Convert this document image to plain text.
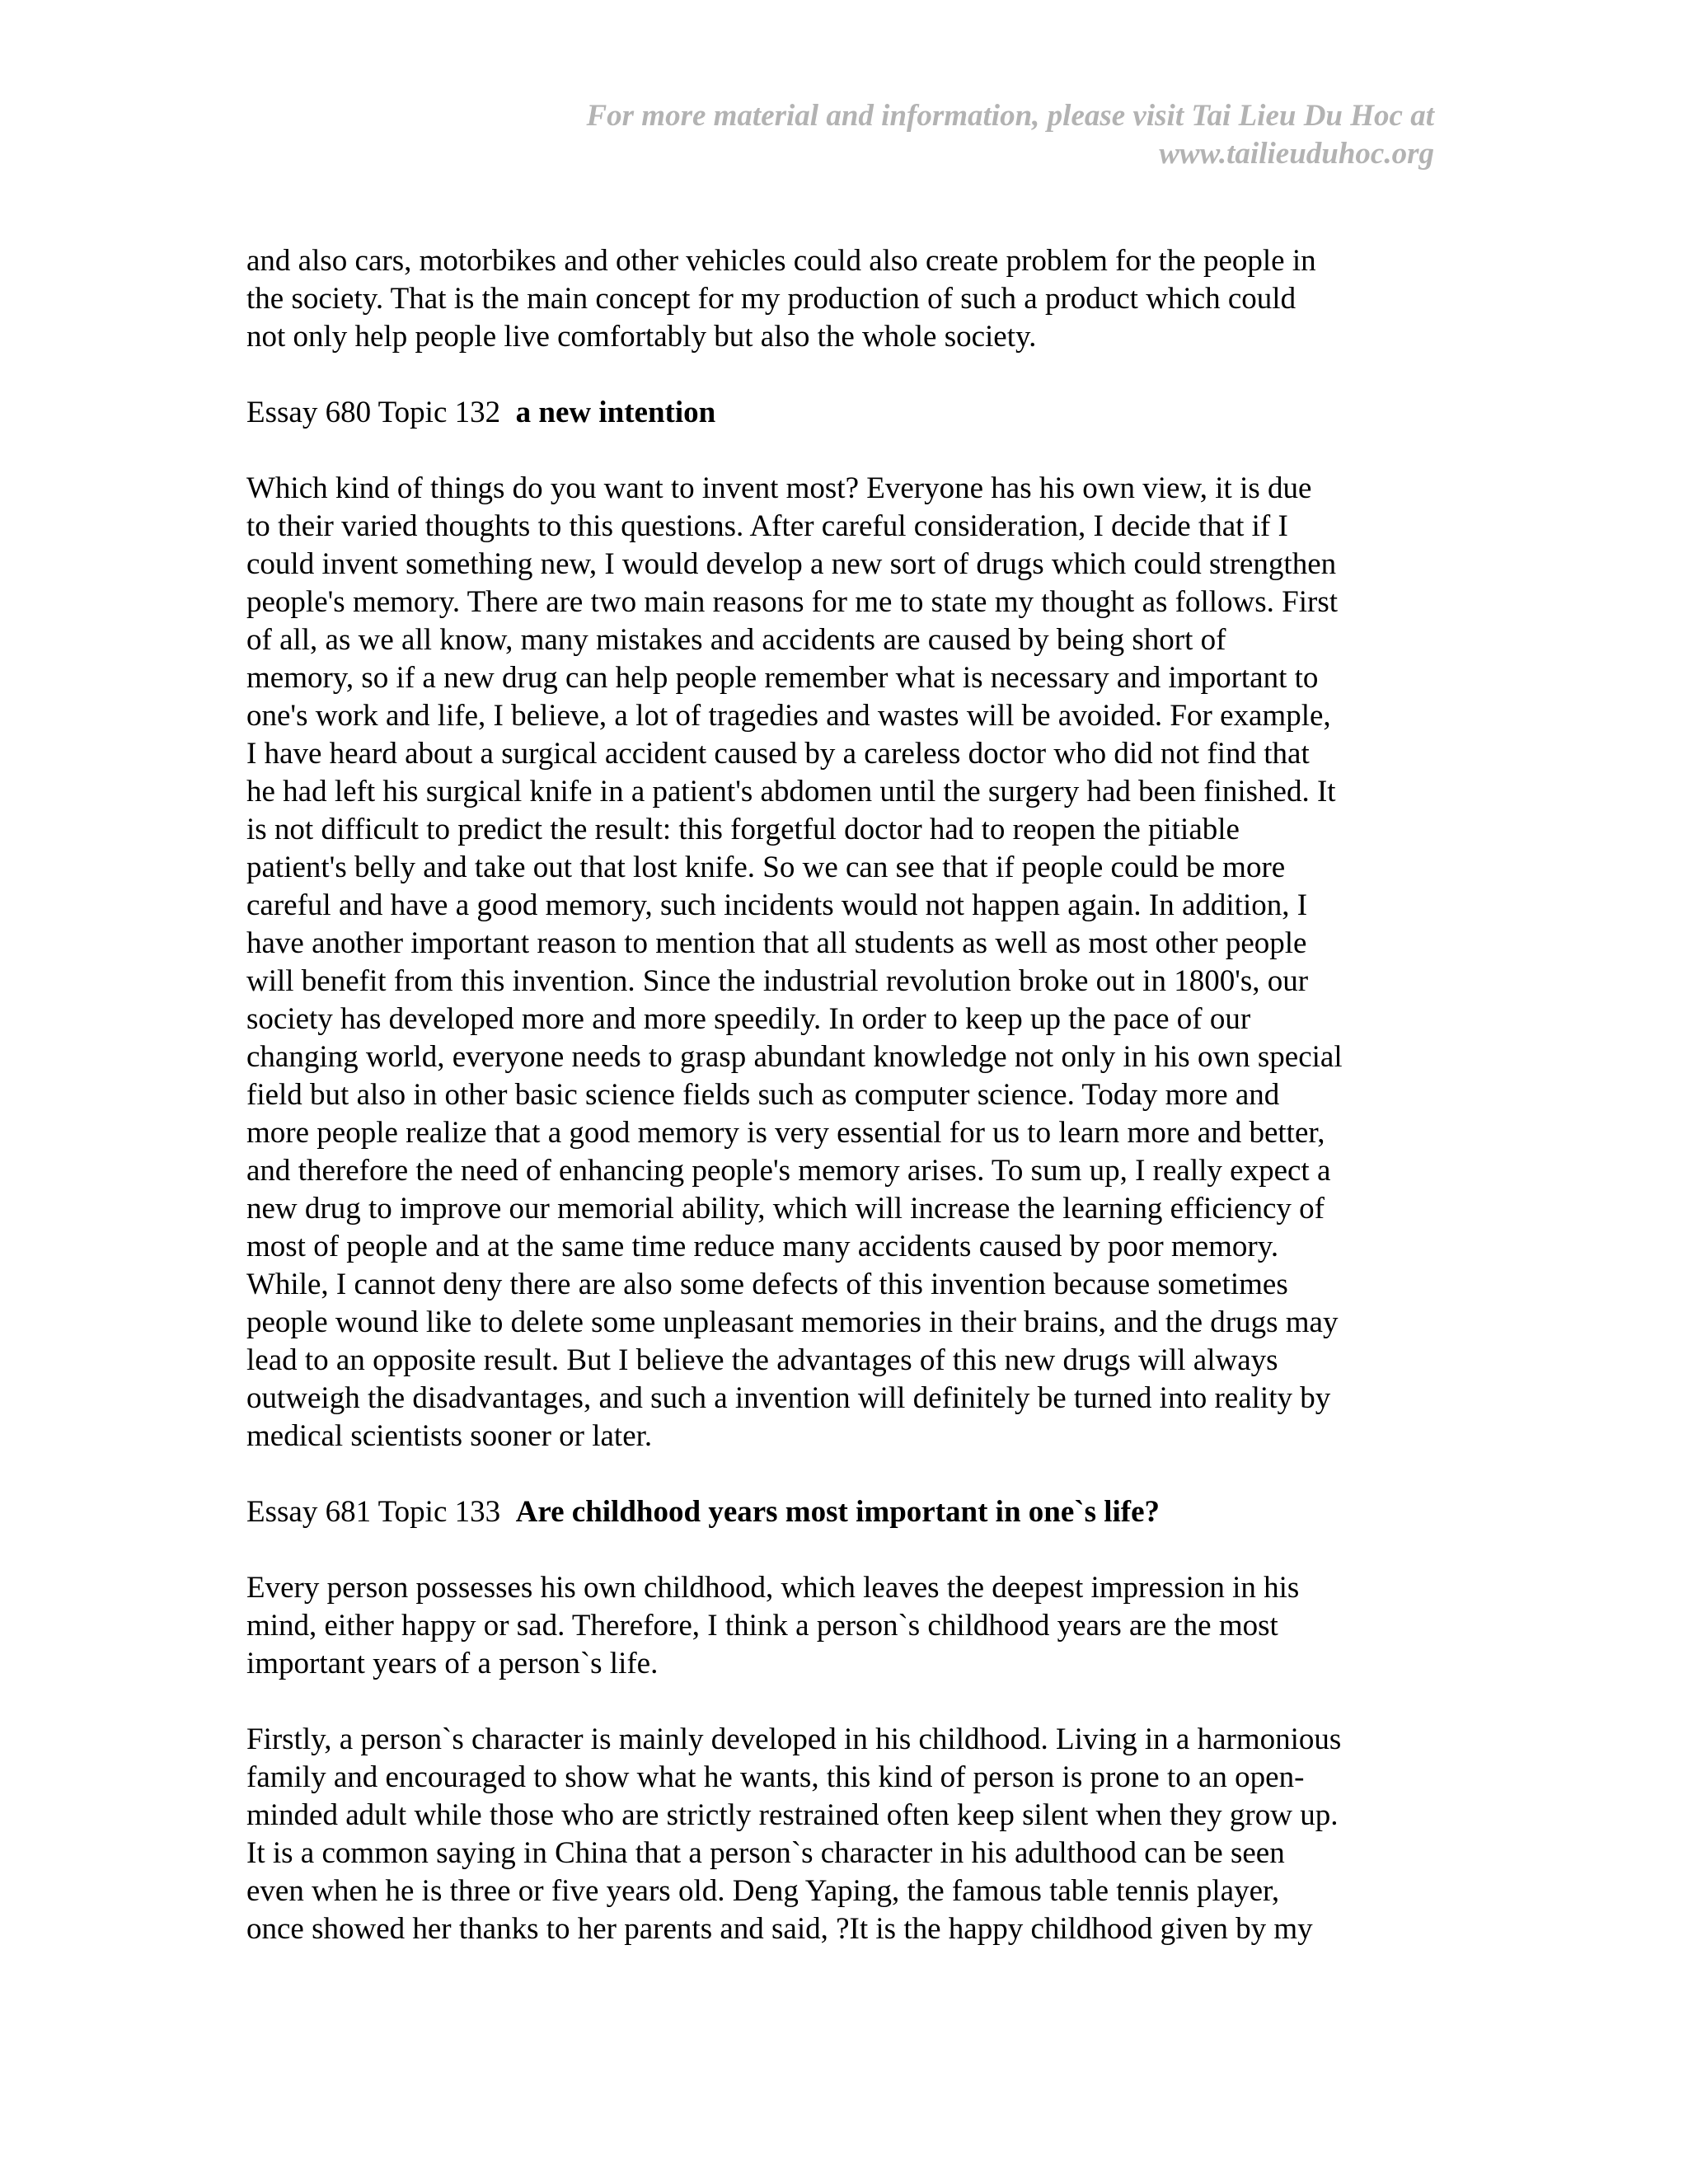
For more material and information, please visit Tai Lieu Du Hoc at
www.tailieuduhoc.org
and also cars, motorbikes and other vehicles could also create problem for the people in
the society. That is the main concept for my production of such a product which could
not only help people live comfortably but also the whole society.
Essay 680 Topic 132 a new intention
Which kind of things do you want to invent most? Everyone has his own view, it is due
to their varied thoughts to this questions. After careful consideration, I decide that if I
could invent something new, I would develop a new sort of drugs which could strengthen
people's memory. There are two main reasons for me to state my thought as follows. First
of all, as we all know, many mistakes and accidents are caused by being short of
memory, so if a new drug can help people remember what is necessary and important to
one's work and life, I believe, a lot of tragedies and wastes will be avoided. For example,
I have heard about a surgical accident caused by a careless doctor who did not find that
he had left his surgical knife in a patient's abdomen until the surgery had been finished. It
is not difficult to predict the result: this forgetful doctor had to reopen the pitiable
patient's belly and take out that lost knife. So we can see that if people could be more
careful and have a good memory, such incidents would not happen again. In addition, I
have another important reason to mention that all students as well as most other people
will benefit from this invention. Since the industrial revolution broke out in 1800's, our
society has developed more and more speedily. In order to keep up the pace of our
changing world, everyone needs to grasp abundant knowledge not only in his own special
field but also in other basic science fields such as computer science. Today more and
more people realize that a good memory is very essential for us to learn more and better,
and therefore the need of enhancing people's memory arises. To sum up, I really expect a
new drug to improve our memorial ability, which will increase the learning efficiency of
most of people and at the same time reduce many accidents caused by poor memory.
While, I cannot deny there are also some defects of this invention because sometimes
people wound like to delete some unpleasant memories in their brains, and the drugs may
lead to an opposite result. But I believe the advantages of this new drugs will always
outweigh the disadvantages, and such a invention will definitely be turned into reality by
medical scientists sooner or later.
Essay 681 Topic 133 Are childhood years most important in one`s life?
Every person possesses his own childhood, which leaves the deepest impression in his
mind, either happy or sad. Therefore, I think a person`s childhood years are the most
important years of a person`s life.
Firstly, a person`s character is mainly developed in his childhood. Living in a harmonious
family and encouraged to show what he wants, this kind of person is prone to an open-
minded adult while those who are strictly restrained often keep silent when they grow up.
It is a common saying in China that a person`s character in his adulthood can be seen
even when he is three or five years old. Deng Yaping, the famous table tennis player,
once showed her thanks to her parents and said, ?It is the happy childhood given by my
